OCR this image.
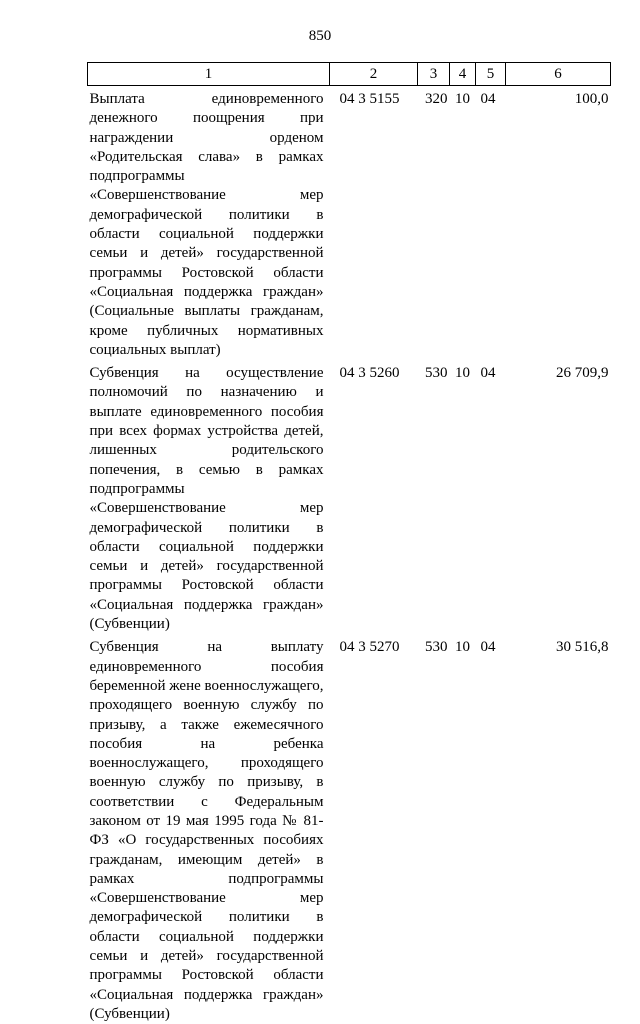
850
1	2	3	4	5	6
Выплата единовременного денежного поощрения при награждении орденом «Родительская слава» в рамках подпрограммы «Совершенствование мер демографической политики в области социальной поддержки семьи и детей» государственной программы Ростовской области «Социальная поддержка граждан» (Социальные выплаты гражданам, кроме публичных нормативных социальных выплат)	04 3 5155	320	10	04	100,0
Субвенция на осуществление полномочий по назначению и выплате единовременного пособия при всех формах устройства детей, лишенных родительского попечения, в семью в рамках подпрограммы «Совершенствование мер демографической политики в области социальной поддержки семьи и детей» государственной программы Ростовской области «Социальная поддержка граждан» (Субвенции)	04 3 5260	530	10	04	26 709,9
Субвенция на выплату единовременного пособия беременной жене военнослужащего, проходящего военную службу по призыву, а также ежемесячного пособия на ребенка военнослужащего, проходящего военную службу по призыву, в соответствии с Федеральным законом от 19 мая 1995 года № 81-ФЗ «О государственных пособиях гражданам, имеющим детей» в рамках подпрограммы «Совершенствование мер демографической политики в области социальной поддержки семьи и детей» государственной программы Ростовской области «Социальная поддержка граждан» (Субвенции)	04 3 5270	530	10	04	30 516,8
